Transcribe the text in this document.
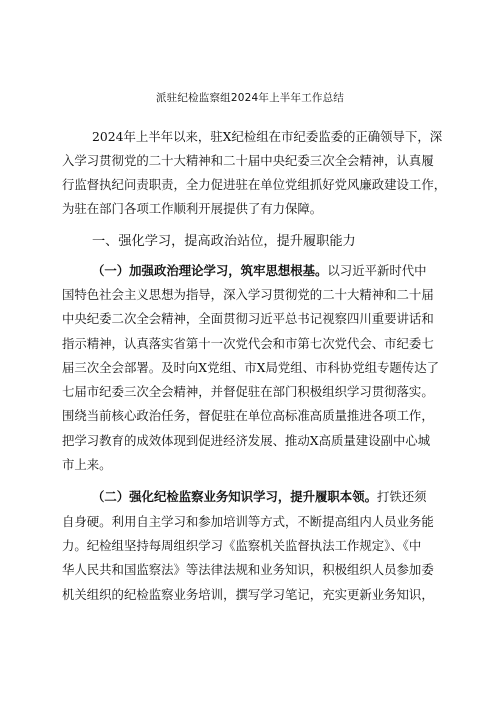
派驻纪检监察组2024年上半年工作总结
2024年上半年以来，驻X纪检组在市纪委监委的正确领导下，深
入学习贯彻党的二十大精神和二十届中央纪委三次全会精神，认真履
行监督执纪问责职责，全力促进驻在单位党组抓好党风廉政建设工作，
为驻在部门各项工作顺利开展提供了有力保障。
一、强化学习，提高政治站位，提升履职能力
（一）加强政治理论学习，筑牢思想根基。以习近平新时代中
国特色社会主义思想为指导，深入学习贯彻党的二十大精神和二十届
中央纪委二次全会精神，全面贯彻习近平总书记视察四川重要讲话和
指示精神，认真落实省第十一次党代会和市第七次党代会、市纪委七
届三次全会部署。及时向X党组、市X局党组、市科协党组专题传达了
七届市纪委三次全会精神，并督促驻在部门积极组织学习贯彻落实。
围绕当前核心政治任务，督促驻在单位高标准高质量推进各项工作，
把学习教育的成效体现到促进经济发展、推动X高质量建设副中心城
市上来。
（二）强化纪检监察业务知识学习，提升履职本领。打铁还须
自身硬。利用自主学习和参加培训等方式，不断提高组内人员业务能
力。纪检组坚持每周组织学习《监察机关监督执法工作规定》、《中
华人民共和国监察法》等法律法规和业务知识，积极组织人员参加委
机关组织的纪检监察业务培训，撰写学习笔记，充实更新业务知识，
